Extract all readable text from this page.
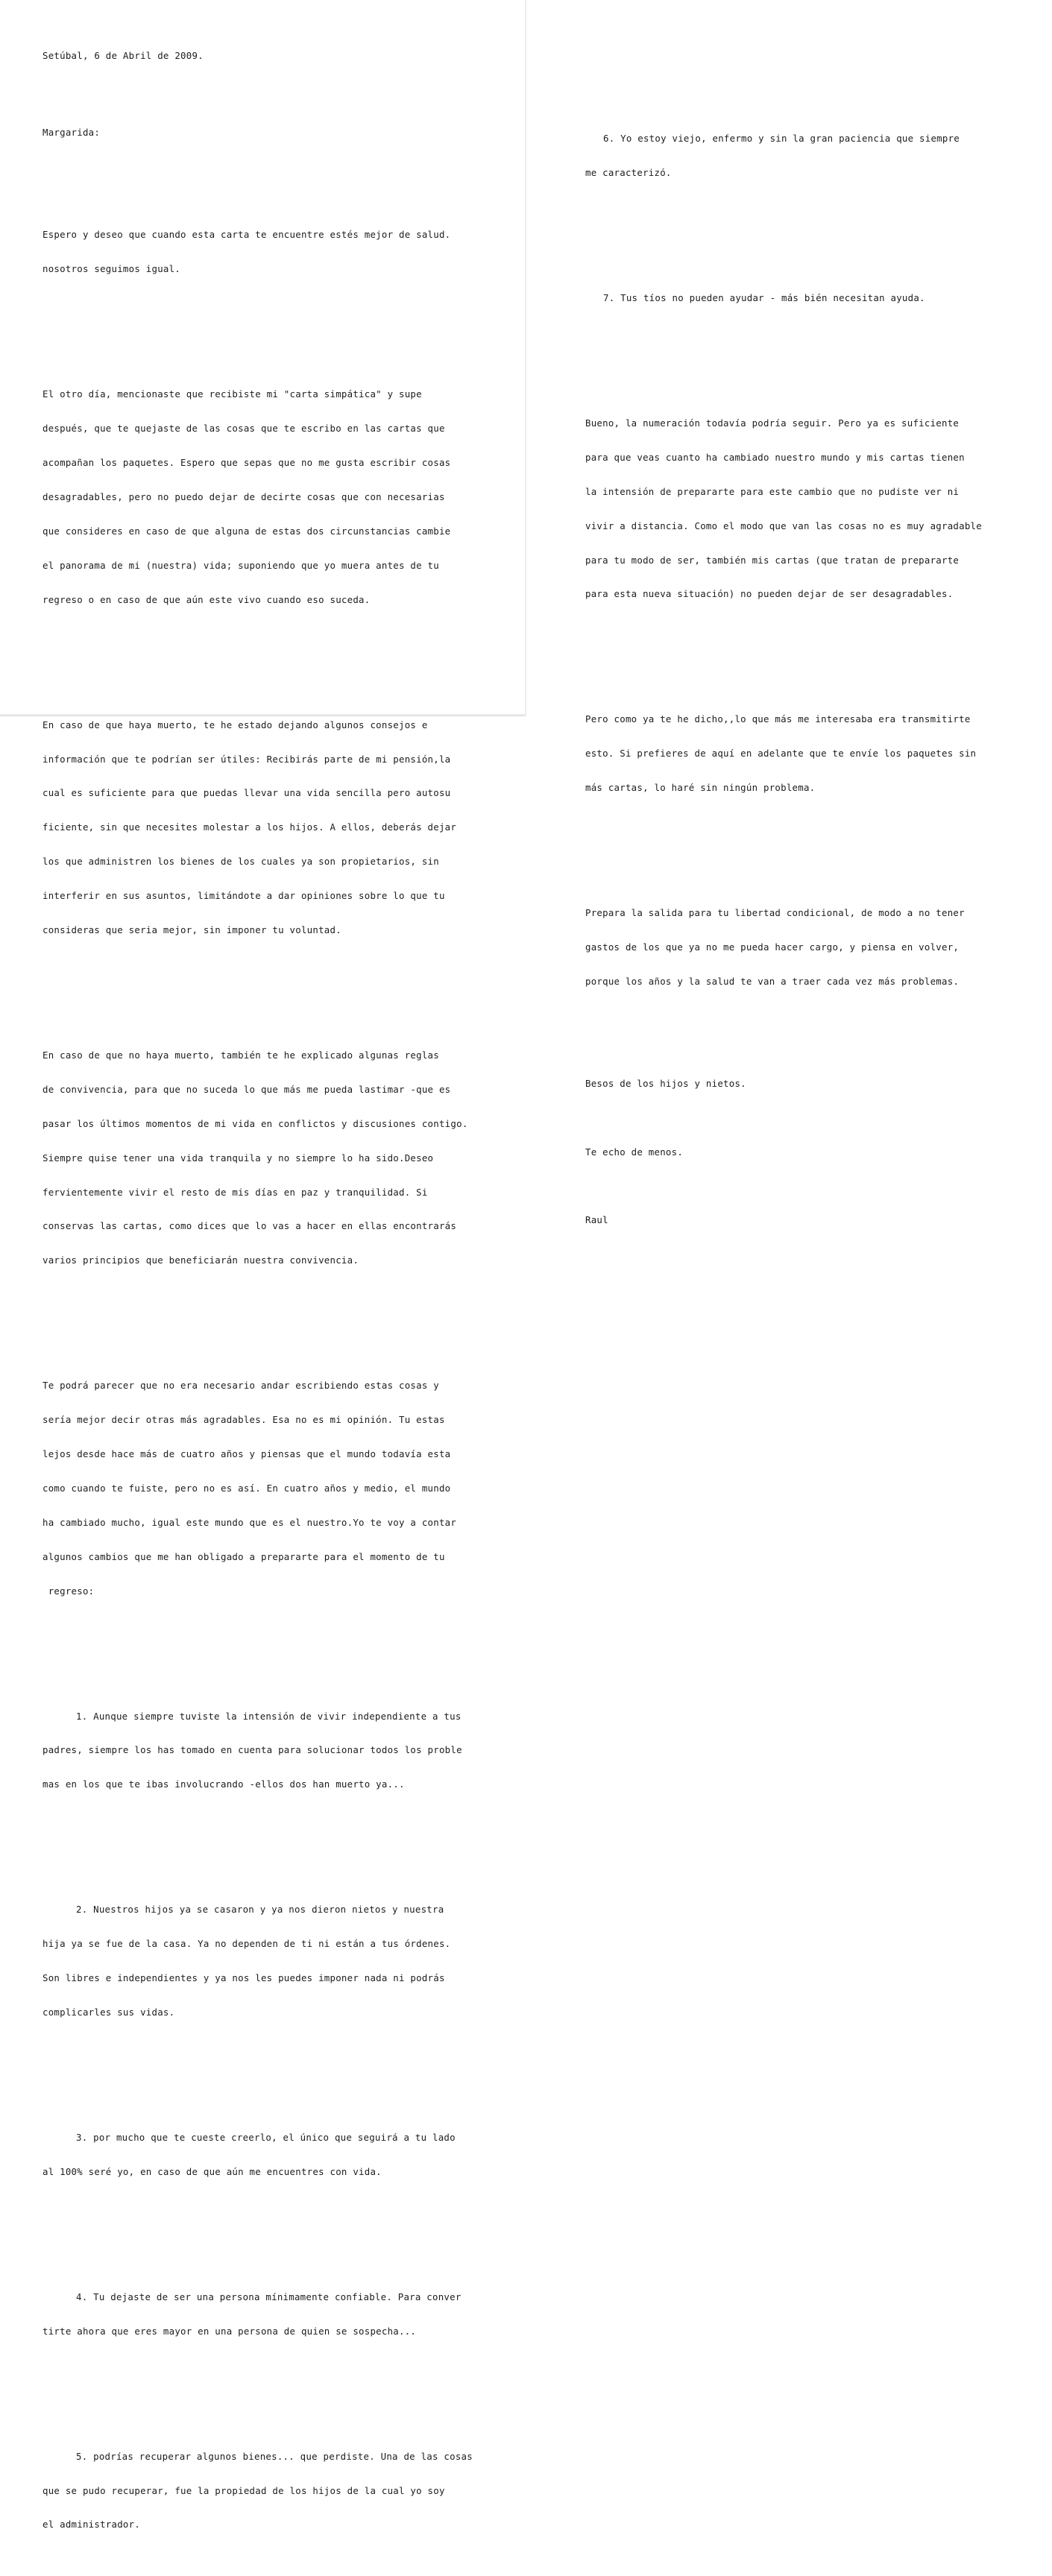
Setúbal, 6 de Abril de 2009.

Margarida:

Espero y deseo que cuando esta carta te encuentre estés mejor de salud.

nosotros seguimos igual.

El otro día, mencionaste que recibiste mi "carta simpática" y supe

después, que te quejaste de las cosas que te escribo en las cartas que

acompañan los paquetes. Espero que sepas que no me gusta escribir cosas

desagradables, pero no puedo dejar de decirte cosas que con necesarias

que consideres en caso de que alguna de estas dos circunstancias cambie

el panorama de mi (nuestra) vida; suponiendo que yo muera antes de tu

regreso o en caso de que aún este vivo cuando eso suceda.

En caso de que haya muerto, te he estado dejando algunos consejos e

información que te podrían ser útiles: Recibirás parte de mi pensión,la

cual es suficiente para que puedas llevar una vida sencilla pero autosu

ficiente, sin que necesites molestar a los hijos. A ellos, deberás dejar

los que administren los bienes de los cuales ya son propietarios, sin

interferir en sus asuntos, limitándote a dar opiniones sobre lo que tu

consideras que seria mejor, sin imponer tu voluntad.

En caso de que no haya muerto, también te he explicado algunas reglas

de convivencia, para que no suceda lo que más me pueda lastimar -que es

pasar los últimos momentos de mi vida en conflictos y discusiones contigo.

Siempre quise tener una vida tranquila y no siempre lo ha sido.Deseo

fervientemente vivir el resto de mis días en paz y tranquilidad. Si

conservas las cartas, como dices que lo vas a hacer en ellas encontrarás

varios principios que beneficiarán nuestra convivencia.

Te podrá parecer que no era necesario andar escribiendo estas cosas y

sería mejor decir otras más agradables. Esa no es mi opinión. Tu estas

lejos desde hace más de cuatro años y piensas que el mundo todavía esta

como cuando te fuiste, pero no es así. En cuatro años y medio, el mundo

ha cambiado mucho, igual este mundo que es el nuestro.Yo te voy a contar

algunos cambios que me han obligado a prepararte para el momento de tu

regreso:

1. Aunque siempre tuviste la intensión de vivir independiente a tus

padres, siempre los has tomado en cuenta para solucionar todos los proble

mas en los que te ibas involucrando -ellos dos han muerto ya...

2. Nuestros hijos ya se casaron y ya nos dieron nietos y nuestra

hija ya se fue de la casa. Ya no dependen de ti ni están a tus órdenes.

Son libres e independientes y ya nos les puedes imponer nada ni podrás

complicarles sus vidas.

3. por mucho que te cueste creerlo, el único que seguirá a tu lado

al 100% seré yo, en caso de que aún me encuentres con vida.

4. Tu dejaste de ser una persona mínimamente confiable. Para conver

tirte ahora que eres mayor en una persona de quien se sospecha...

5. podrías recuperar algunos bienes... que perdiste. Una de las cosas

que se pudo recuperar, fue la propiedad de los hijos de la cual yo soy

el administrador.

6. Yo estoy viejo, enfermo y sin la gran paciencia que siempre

me caracterizó.

7. Tus tíos no pueden ayudar - más bién necesitan ayuda.

Bueno, la numeración todavía podría seguir. Pero ya es suficiente

para que veas cuanto ha cambiado nuestro mundo y mis cartas tienen

la intensión de prepararte para este cambio que no pudiste ver ni

vivir a distancia. Como el modo que van las cosas no es muy agradable

para tu modo de ser, también mis cartas (que tratan de prepararte

para esta nueva situación) no pueden dejar de ser desagradables.

Pero como ya te he dicho,,lo que más me interesaba era transmitirte

esto. Si prefieres de aquí en adelante que te envíe los paquetes sin

más cartas, lo haré sin ningún problema.

Prepara la salida para tu libertad condicional, de modo a no tener

gastos de los que ya no me pueda hacer cargo, y piensa en volver,

porque los años y la salud te van a traer cada vez más problemas.

Besos de los hijos y nietos.

Te echo de menos.

Raul
